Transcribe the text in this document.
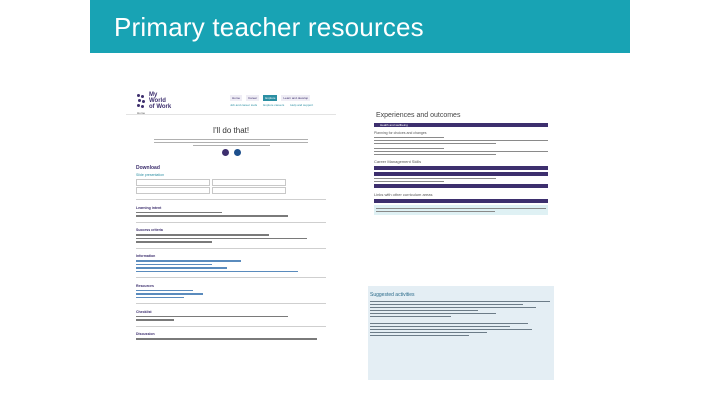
Primary teacher resources
My
World
of Work
Home	Career	Explore	Learn and develop
Job and career tools Explore careers Help and support
Home
I'll do that!
Download
Slide presentation

Learning intent
Success criteria
Information
Resources
Checklist
Discussion
Experiences and outcomes
Health and wellbeing
Planning for choices and changes
Career Management Skills
Links with other curriculum areas
Suggested activities
